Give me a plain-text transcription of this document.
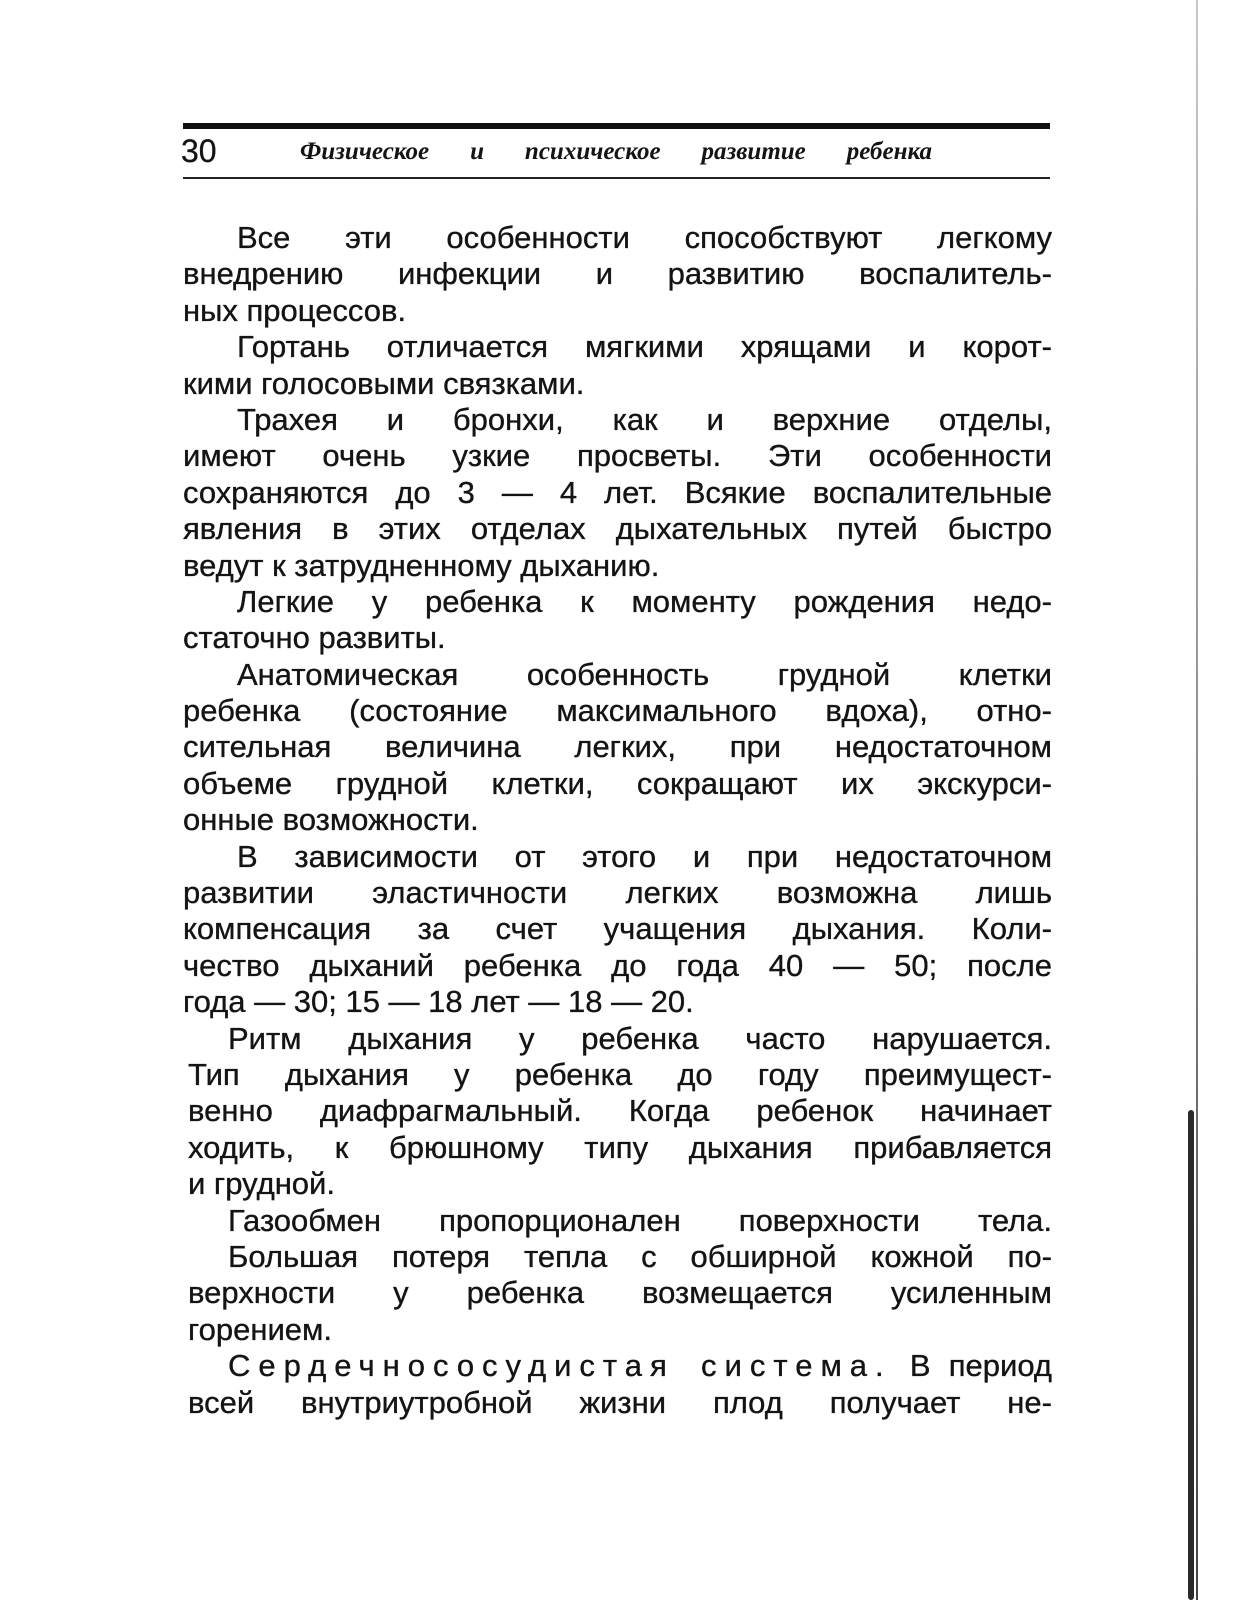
30	Физическое и психическое развитие ребенка
Все эти особенности способствуют легкому
внедрению инфекции и развитию воспалитель-
ных процессов.
Гортань отличается мягкими хрящами и корот-
кими голосовыми связками.
Трахея и бронхи, как и верхние отделы,
имеют очень узкие просветы. Эти особенности
сохраняются до 3 — 4 лет. Всякие воспалительные
явления в этих отделах дыхательных путей быстро
ведут к затрудненному дыханию.
Легкие у ребенка к моменту рождения недо-
статочно развиты.
Анатомическая особенность грудной клетки
ребенка (состояние максимального вдоха), отно-
сительная величина легких, при недостаточном
объеме грудной клетки, сокращают их экскурси-
онные возможности.
В зависимости от этого и при недостаточном
развитии эластичности легких возможна лишь
компенсация за счет учащения дыхания. Коли-
чество дыханий ребенка до года 40 — 50; после
года — 30; 15 — 18 лет — 18 — 20.
Ритм дыхания у ребенка часто нарушается.
Тип дыхания у ребенка до году преимущест-
венно диафрагмальный. Когда ребенок начинает
ходить, к брюшному типу дыхания прибавляется
и грудной.
Газообмен пропорционален поверхности тела.
Большая потеря тепла с обширной кожной по-
верхности у ребенка возмещается усиленным
горением.
Сердечнососудистая система. В период
всей внутриутробной жизни плод получает не-
